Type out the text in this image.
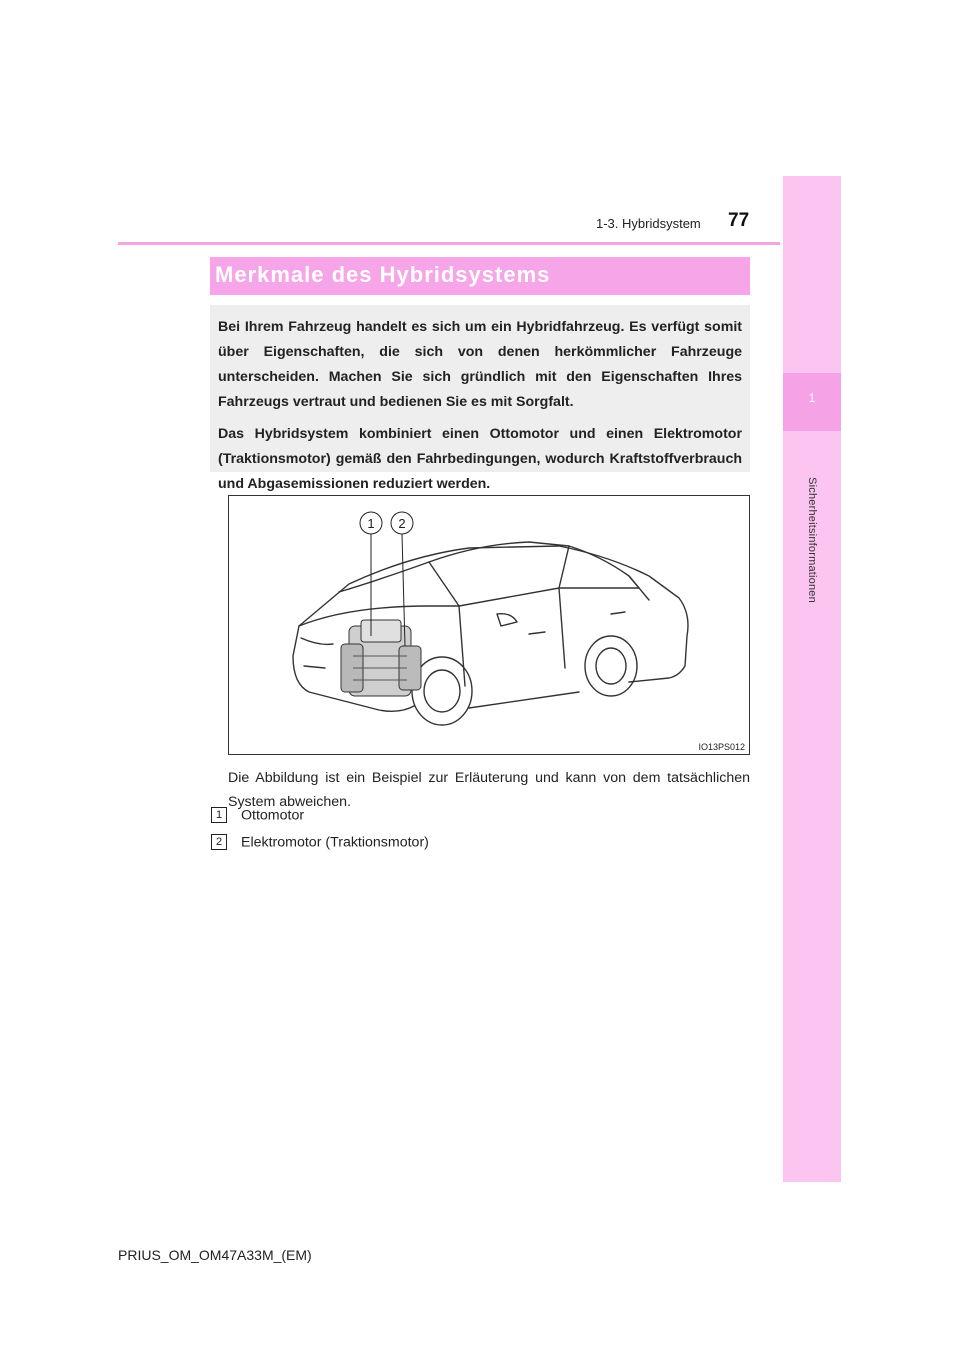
77
1-3. Hybridsystem
1
Sicherheitsinformationen
Merkmale des Hybridsystems

Bei Ihrem Fahrzeug handelt es sich um ein Hybridfahrzeug. Es verfügt somit über Eigenschaften, die sich von denen herkömmlicher Fahrzeuge unterscheiden. Machen Sie sich gründlich mit den Eigenschaften Ihres Fahrzeugs vertraut und bedienen Sie es mit Sorgfalt.

Das Hybridsystem kombiniert einen Ottomotor und einen Elektromotor (Traktionsmotor) gemäß den Fahrbedingungen, wodurch Kraftstoffverbrauch und Abgasemissionen reduziert werden.

1 2
IO13PS012
Die Abbildung ist ein Beispiel zur Erläuterung und kann von dem tatsächlichen System abweichen.
1 Ottomotor
2 Elektromotor (Traktionsmotor)
PRIUS_OM_OM47A33M_(EM)
